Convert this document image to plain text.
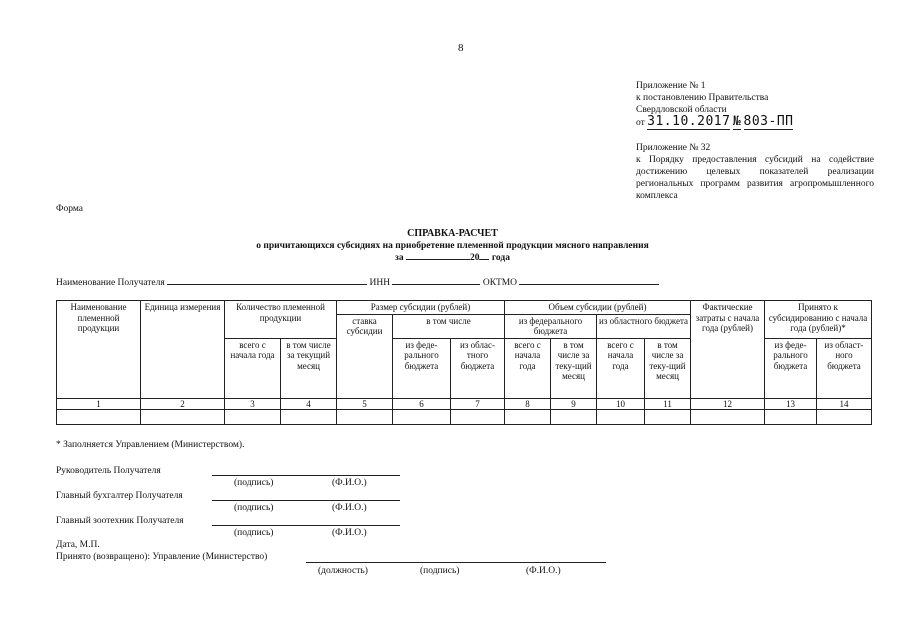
8
Приложение № 1
к постановлению Правительства
Свердловской области
от 31.10.2017 № 803-ПП
Приложение № 32
к Порядку предоставления субсидий на содействие достижению целевых показателей реализации региональных программ развития агропромышленного комплекса
Форма
СПРАВКА-РАСЧЕТ
о причитающихся субсидиях на приобретение племенной продукции мясного направления
за	20 года
Наименование Получателя	ИНН	ОКТМО
Наименование племенной продукции	Единица измерения	Количество племенной продукции		Размер субсидии (рублей)			Объем субсидии (рублей)				Фактические затраты с начала года (рублей)	Принято к субсидированию с начала года (рублей)*	
				ставка субсидии	в том числе		из федерального бюджета		из областного бюджета				
		всего с начала года	в том числе за текущий месяц		из феде-рального бюджета	из облас-тного бюджета	всего с начала года	в том числе за теку-щий месяц	всего с начала года	в том числе за теку-щий месяц		из феде-рального бюджета	из област-ного бюджета
1	2	3	4	5	6	7	8	9	10	11	12	13	14

* Заполняется Управлением (Министерством).
Руководитель Получателя
(подпись)	(Ф.И.О.)
Главный бухгалтер Получателя
(подпись)	(Ф.И.О.)
Главный зоотехник Получателя
(подпись)	(Ф.И.О.)
Дата, М.П.
Принято (возвращено): Управление (Министерство)
(должность)	(подпись)	(Ф.И.О.)
